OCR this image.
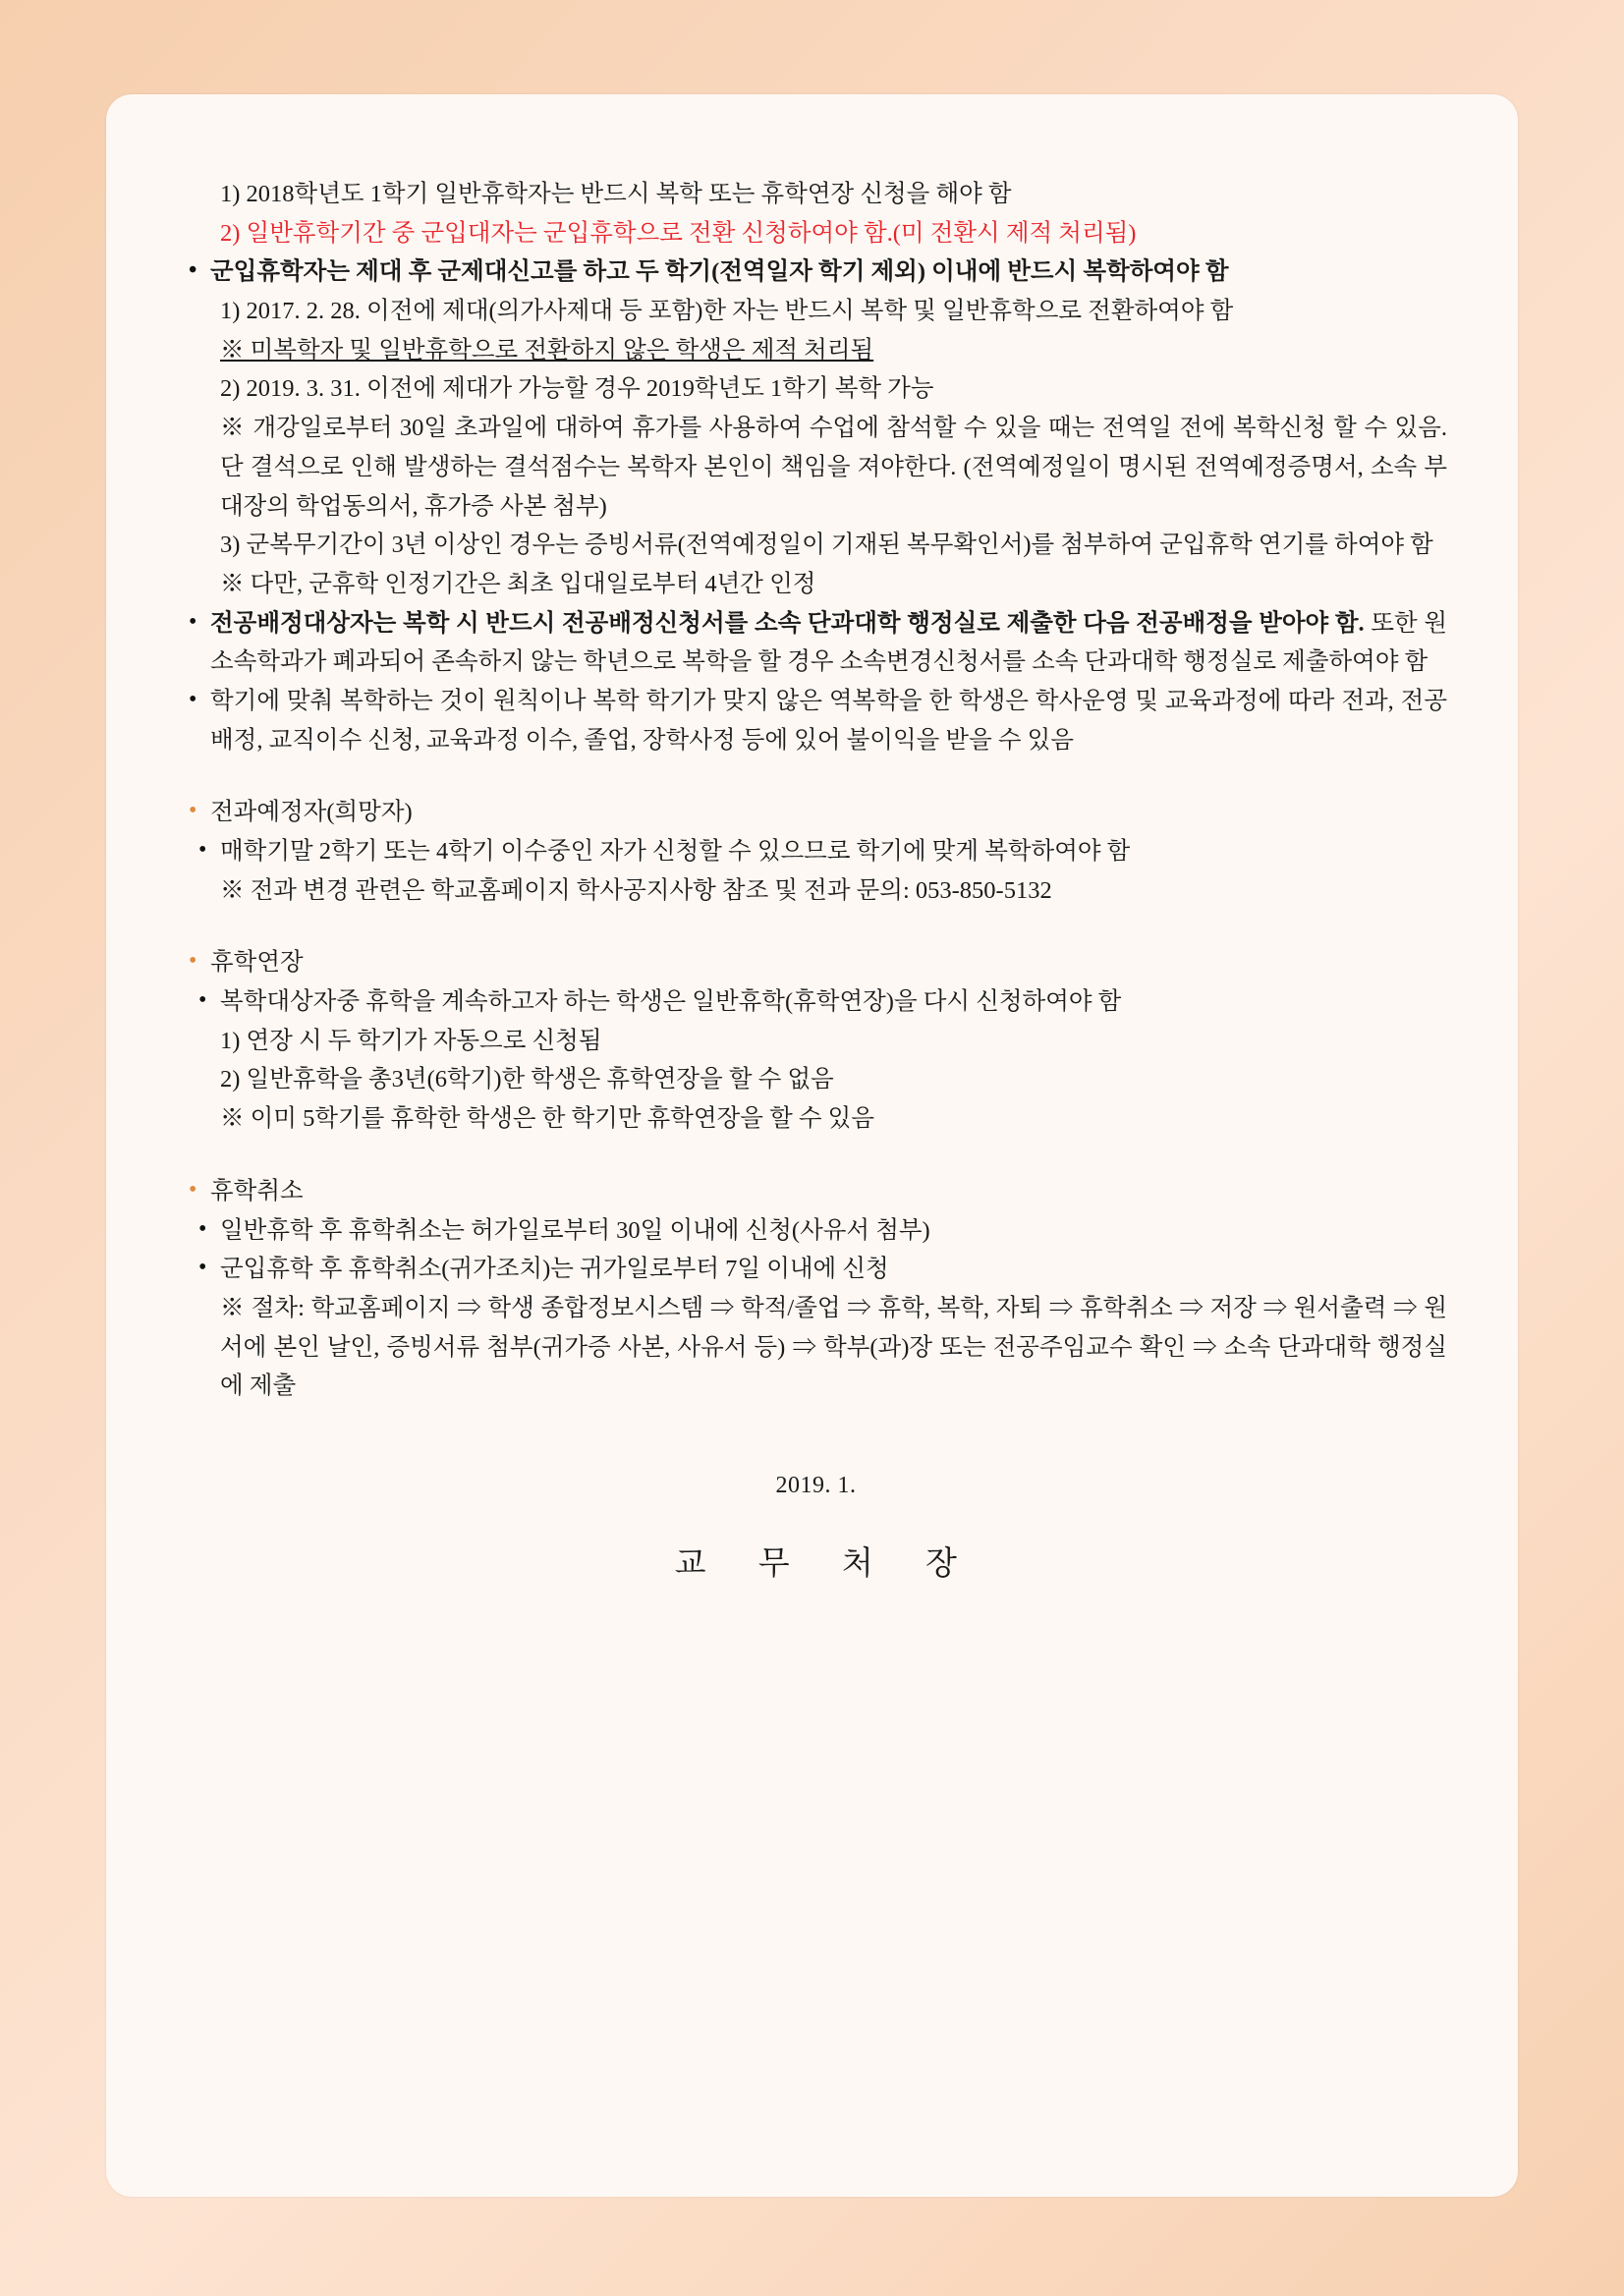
1) 2018학년도 1학기 일반휴학자는 반드시 복학 또는 휴학연장 신청을 해야 함
2) 일반휴학기간 중 군입대자는 군입휴학으로 전환 신청하여야 함.(미 전환시 제적 처리됨)
• 군입휴학자는 제대 후 군제대신고를 하고 두 학기(전역일자 학기 제외) 이내에 반드시 복학하여야 함
1) 2017. 2. 28. 이전에 제대(의가사제대 등 포함)한 자는 반드시 복학 및 일반휴학으로 전환하여야 함
※ 미복학자 및 일반휴학으로 전환하지 않은 학생은 제적 처리됨
2) 2019. 3. 31. 이전에 제대가 가능할 경우 2019학년도 1학기 복학 가능
※ 개강일로부터 30일 초과일에 대하여 휴가를 사용하여 수업에 참석할 수 있을 때는 전역일 전에 복학신청 할 수 있음. 단 결석으로 인해 발생하는 결석점수는 복학자 본인이 책임을 져야한다. (전역예정일이 명시된 전역예정증명서, 소속 부대장의 학업동의서, 휴가증 사본 첨부)
3) 군복무기간이 3년 이상인 경우는 증빙서류(전역예정일이 기재된 복무확인서)를 첨부하여 군입휴학 연기를 하여야 함
※ 다만, 군휴학 인정기간은 최초 입대일로부터 4년간 인정
• 전공배정대상자는 복학 시 반드시 전공배정신청서를 소속 단과대학 행정실로 제출한 다음 전공배정을 받아야 함. 또한 원 소속학과가 폐과되어 존속하지 않는 학년으로 복학을 할 경우 소속변경신청서를 소속 단과대학 행정실로 제출하여야 함
• 학기에 맞춰 복학하는 것이 원칙이나 복학 학기가 맞지 않은 역복학을 한 학생은 학사운영 및 교육과정에 따라 전과, 전공배정, 교직이수 신청, 교육과정 이수, 졸업, 장학사정 등에 있어 불이익을 받을 수 있음
• 전과예정자(희망자)
• 매학기말 2학기 또는 4학기 이수중인 자가 신청할 수 있으므로 학기에 맞게 복학하여야 함
※ 전과 변경 관련은 학교홈페이지 학사공지사항 참조 및 전과 문의: 053-850-5132
• 휴학연장
• 복학대상자중 휴학을 계속하고자 하는 학생은 일반휴학(휴학연장)을 다시 신청하여야 함
1) 연장 시 두 학기가 자동으로 신청됨
2) 일반휴학을 총3년(6학기)한 학생은 휴학연장을 할 수 없음
※ 이미 5학기를 휴학한 학생은 한 학기만 휴학연장을 할 수 있음
• 휴학취소
• 일반휴학 후 휴학취소는 허가일로부터 30일 이내에 신청(사유서 첨부)
• 군입휴학 후 휴학취소(귀가조치)는 귀가일로부터 7일 이내에 신청
※ 절차: 학교홈페이지 ⇒ 학생 종합정보시스템 ⇒ 학적/졸업 ⇒ 휴학, 복학, 자퇴 ⇒ 휴학취소 ⇒ 저장 ⇒ 원서출력 ⇒ 원서에 본인 날인, 증빙서류 첨부(귀가증 사본, 사유서 등) ⇒ 학부(과)장 또는 전공주임교수 확인 ⇒ 소속 단과대학 행정실에 제출
2019. 1.
교 무 처 장
